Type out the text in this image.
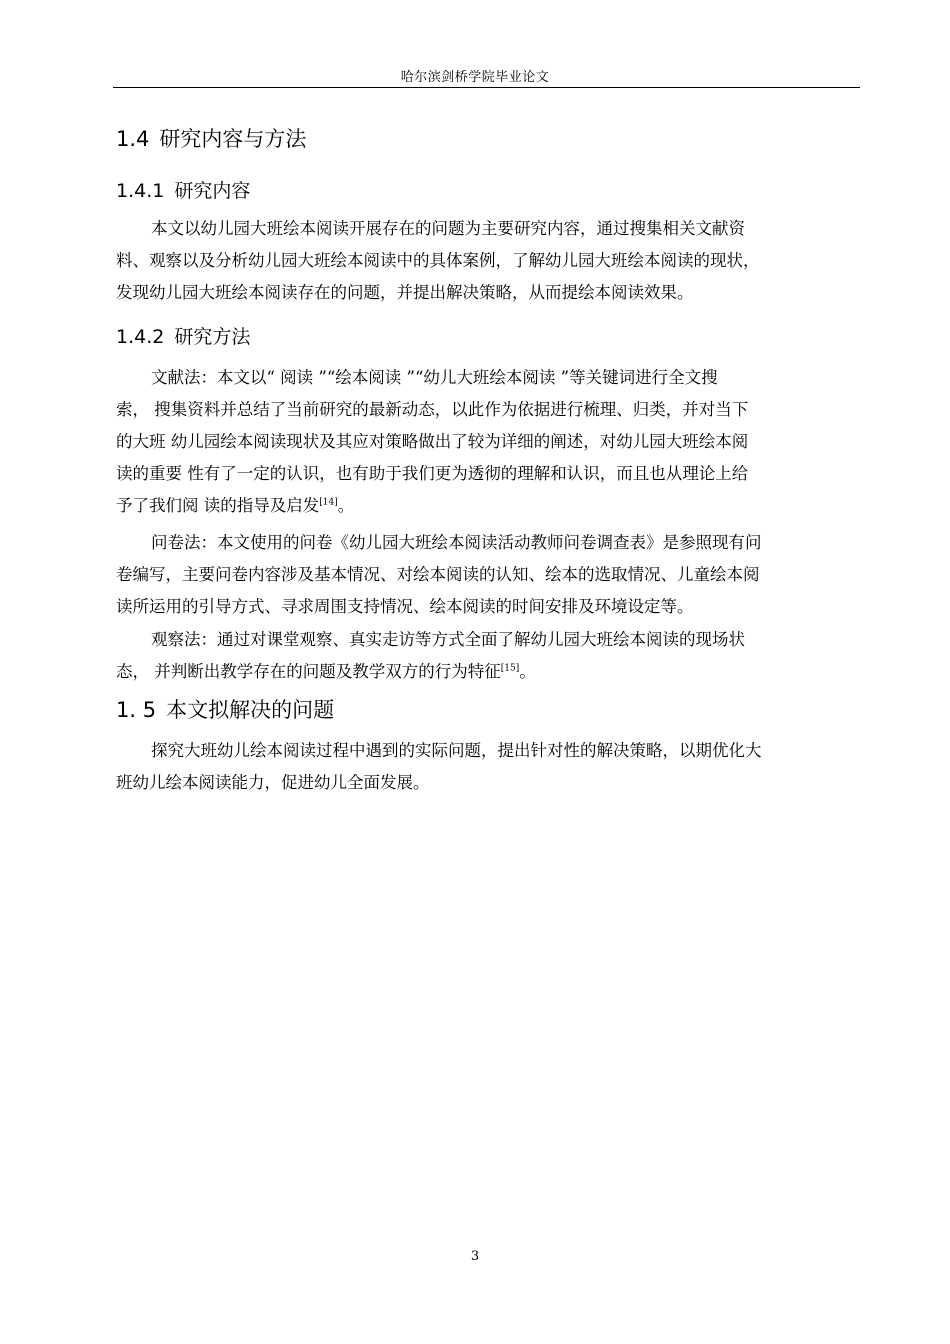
哈尔滨剑桥学院毕业论文
1.4 研究内容与方法
1.4.1 研究内容
本文以幼儿园大班绘本阅读开展存在的问题为主要研究内容，通过搜集相关文献资
料、观察以及分析幼儿园大班绘本阅读中的具体案例，了解幼儿园大班绘本阅读的现状，
发现幼儿园大班绘本阅读存在的问题，并提出解决策略，从而提绘本阅读效果。
1.4.2 研究方法
文献法：本文以“ 阅读 ”“绘本阅读 ”“幼儿大班绘本阅读 ”等关键词进行全文搜
索， 搜集资料并总结了当前研究的最新动态，以此作为依据进行梳理、归类，并对当下
的大班 幼儿园绘本阅读现状及其应对策略做出了较为详细的阐述，对幼儿园大班绘本阅
读的重要 性有了一定的认识，也有助于我们更为透彻的理解和认识，而且也从理论上给
予了我们阅 读的指导及启发[14]。
问卷法：本文使用的问卷《幼儿园大班绘本阅读活动教师问卷调查表》是参照现有问
卷编写，主要问卷内容涉及基本情况、对绘本阅读的认知、绘本的选取情况、儿童绘本阅
读所运用的引导方式、寻求周围支持情况、绘本阅读的时间安排及环境设定等。
观察法：通过对课堂观察、真实走访等方式全面了解幼儿园大班绘本阅读的现场状
态， 并判断出教学存在的问题及教学双方的行为特征[15]。
1. 5 本文拟解决的问题
探究大班幼儿绘本阅读过程中遇到的实际问题，提出针对性的解决策略，以期优化大
班幼儿绘本阅读能力，促进幼儿全面发展。
3
